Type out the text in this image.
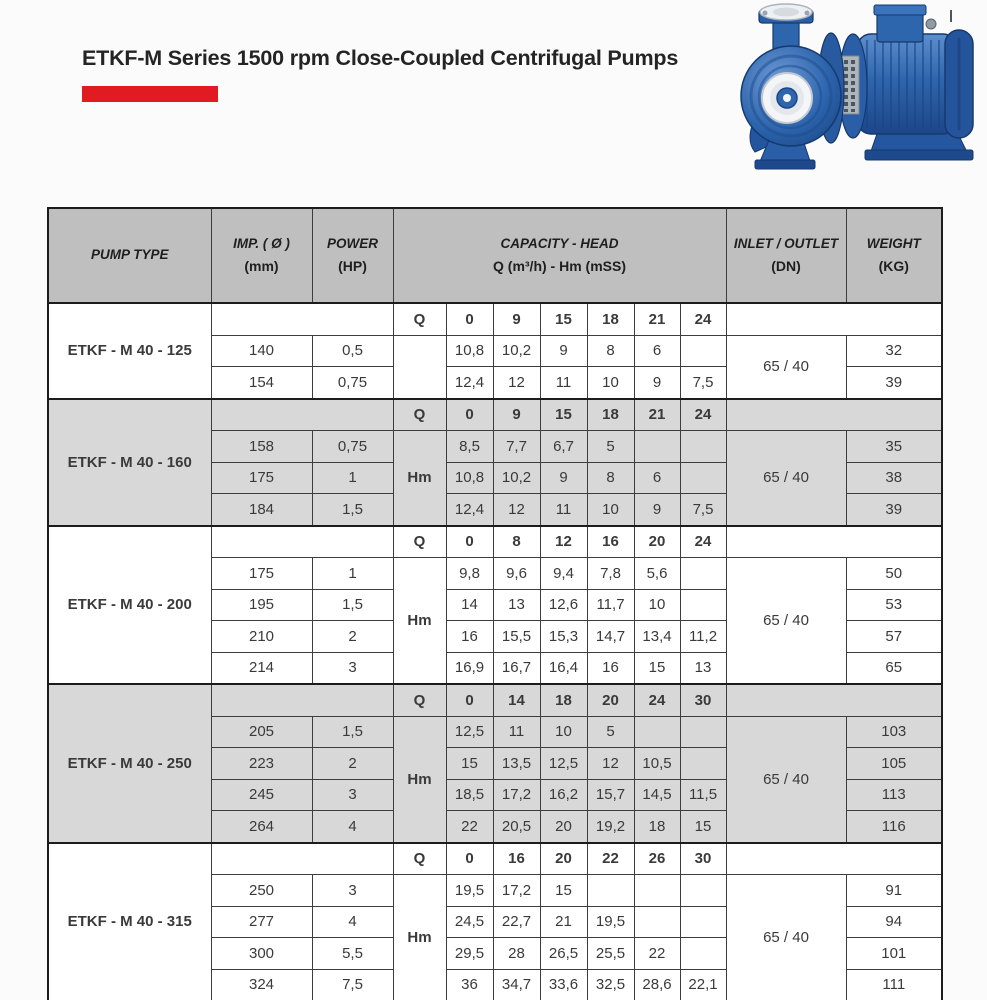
ETKF-M Series 1500 rpm Close-Coupled Centrifugal Pumps
PUMP TYPE

IMP. ( Ø )
(mm)

POWER
(HP)

CAPACITY - HEAD
Q (m³/h) - Hm (mSS)

INLET / OUTLET
(DN)

WEIGHT
(KG)

ETKF - M 40 - 125			Q	0	9	15	18	21	24		
	140	0,5		10,8	10,2	9	8	6		65 / 40	32
	154	0,75		12,4	12	11	10	9	7,5		39
ETKF - M 40 - 160			Q	0	9	15	18	21	24		
	158	0,75	Hm	8,5	7,7	6,7	5			65 / 40	35
	175	1		10,8	10,2	9	8	6			38
	184	1,5		12,4	12	11	10	9	7,5		39
ETKF - M 40 - 200			Q	0	8	12	16	20	24		
	175	1	Hm	9,8	9,6	9,4	7,8	5,6		65 / 40	50
	195	1,5		14	13	12,6	11,7	10			53
	210	2		16	15,5	15,3	14,7	13,4	11,2		57
	214	3		16,9	16,7	16,4	16	15	13		65
ETKF - M 40 - 250			Q	0	14	18	20	24	30		
	205	1,5	Hm	12,5	11	10	5			65 / 40	103
	223	2		15	13,5	12,5	12	10,5			105
	245	3		18,5	17,2	16,2	15,7	14,5	11,5		113
	264	4		22	20,5	20	19,2	18	15		116
ETKF - M 40 - 315			Q	0	16	20	22	26	30		
	250	3	Hm	19,5	17,2	15				65 / 40	91
	277	4		24,5	22,7	21	19,5				94
	300	5,5		29,5	28	26,5	25,5	22			101
	324	7,5		36	34,7	33,6	32,5	28,6	22,1		111
